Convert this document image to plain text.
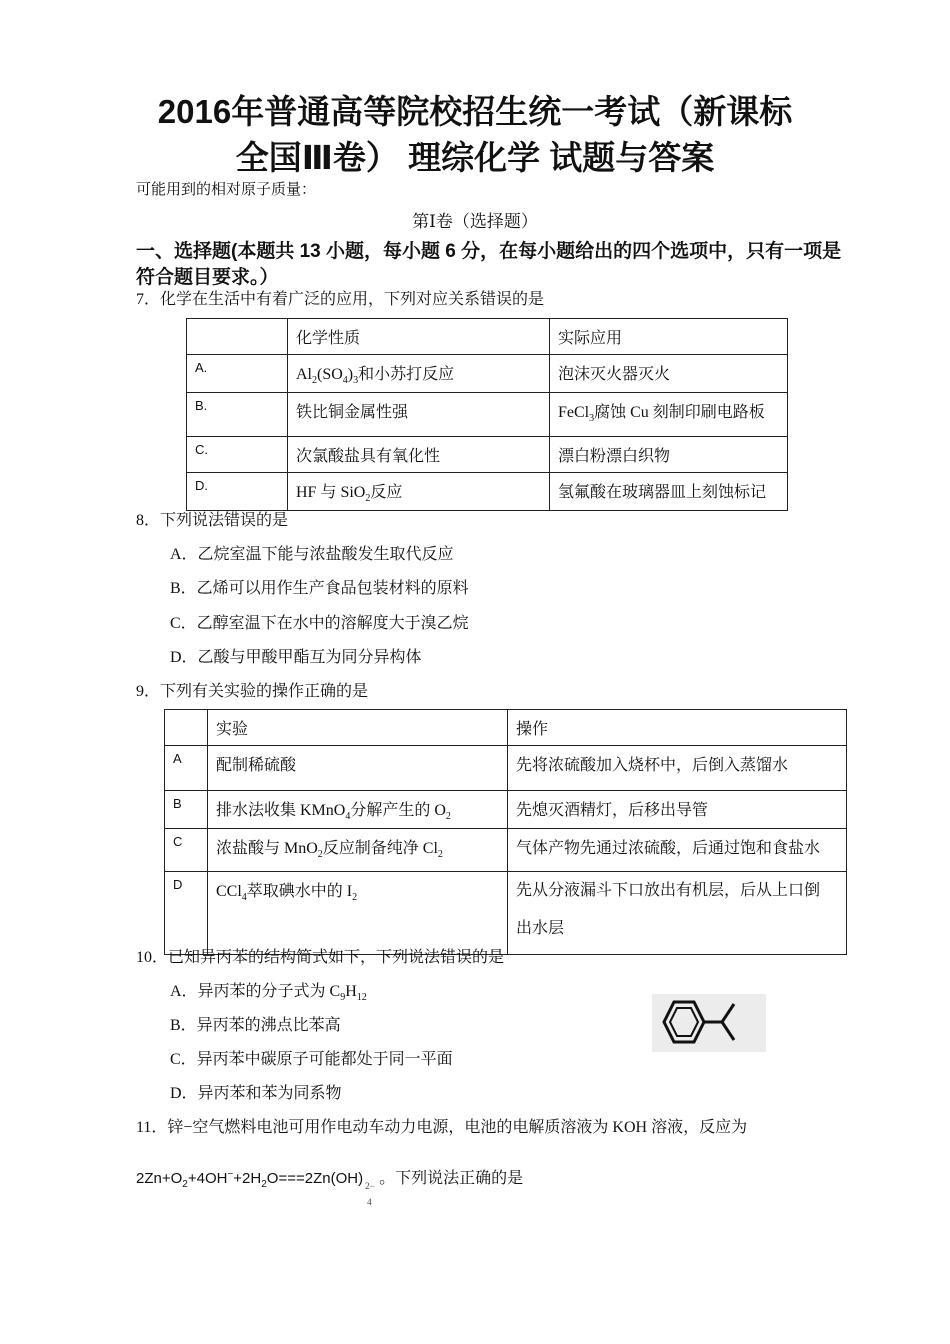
2016年普通高等院校招生统一考试（新课标
全国Ⅲ卷） 理综化学 试题与答案
可能用到的相对原子质量：
第Ⅰ卷（选择题）
一、选择题(本题共 13 小题，每小题 6 分，在每小题给出的四个选项中，只有一项是
符合题目要求。）
7．化学在生活中有着广泛的应用，下列对应关系错误的是
	化学性质	实际应用
A.	$Al_2(SO_4)_3$和小苏打反应	泡沫灭火器灭火
B.	铁比铜金属性强	FeCl$_3$腐蚀 Cu 刻制印刷电路板
C.	次氯酸盐具有氧化性	漂白粉漂白织物
D.	HF 与 SiO$_2$反应	氢氟酸在玻璃器皿上刻蚀标记
8．下列说法错误的是
A．乙烷室温下能与浓盐酸发生取代反应
B．乙烯可以用作生产食品包装材料的原料
C．乙醇室温下在水中的溶解度大于溴乙烷
D．乙酸与甲酸甲酯互为同分异构体
9．下列有关实验的操作正确的是
	实验	操作
A	配制稀硫酸	先将浓硫酸加入烧杯中，后倒入蒸馏水
B	排水法收集 KMnO$_4$分解产生的 $O_2$	先熄灭酒精灯，后移出导管
C	浓盐酸与 MnO$_2$反应制备纯净 $Cl_2$	气体产物先通过浓硫酸，后通过饱和食盐水
D	CCl$_4$萃取碘水中的 $I_2$	先从分液漏斗下口放出有机层，后从上口倒
出水层
10．已知异丙苯的结构简式如下，下列说法错误的是
A．异丙苯的分子式为 $C_9H_{12}$
B．异丙苯的沸点比苯高
C．异丙苯中碳原子可能都处于同一平面
D．异丙苯和苯为同系物
11．锌−空气燃料电池可用作电动车动力电源，电池的电解质溶液为 KOH 溶液，反应为
$2Zn+O_2+4OH^-+2H_2O===2Zn(OH)$ 2−
4
。下列说法正确的是
